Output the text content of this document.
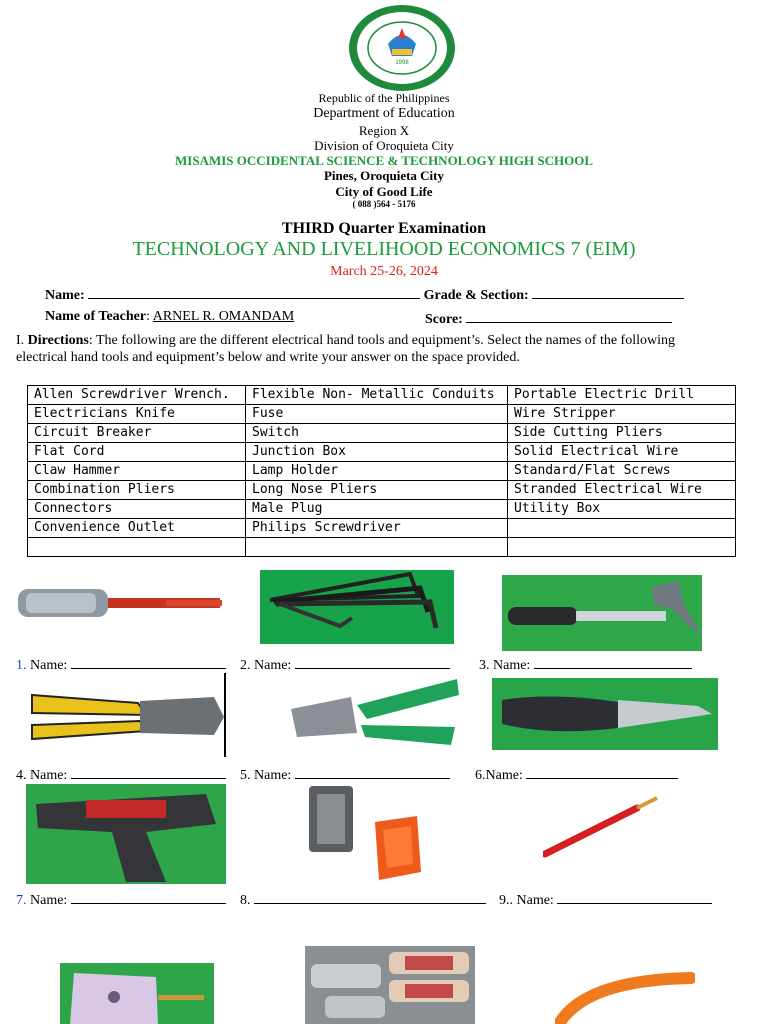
1998
Republic of the Philippines
Department of Education
Region X
Division of Oroquieta City
MISAMIS OCCIDENTAL SCIENCE & TECHNOLOGY HIGH SCHOOL
Pines, Oroquieta City
City of Good Life
( 088 )564 - 5176
THIRD Quarter Examination
TECHNOLOGY AND LIVELIHOOD ECONOMICS 7 (EIM)
March 25-26, 2024
Name:	Grade & Section:
Name of Teacher: ARNEL R. OMANDAM	Score:
I. Directions: The following are the different electrical hand tools and equipment’s. Select the names of the following
electrical hand tools and equipment’s below and write your answer on the space provided.
Allen Screwdriver Wrench.	Flexible Non- Metallic Conduits	Portable Electric Drill
Electricians Knife	Fuse	Wire Stripper
Circuit Breaker	Switch	Side Cutting Pliers
Flat Cord	Junction Box	Solid Electrical Wire
Claw Hammer	Lamp Holder	Standard/Flat Screws
Combination Pliers	Long Nose Pliers	Stranded Electrical Wire
Connectors	Male Plug	Utility Box
Convenience Outlet	Philips Screwdriver	

1. Name:	2. Name:	3. Name:
4. Name:	5. Name:	6.Name:
7. Name:	8.	9.. Name:
